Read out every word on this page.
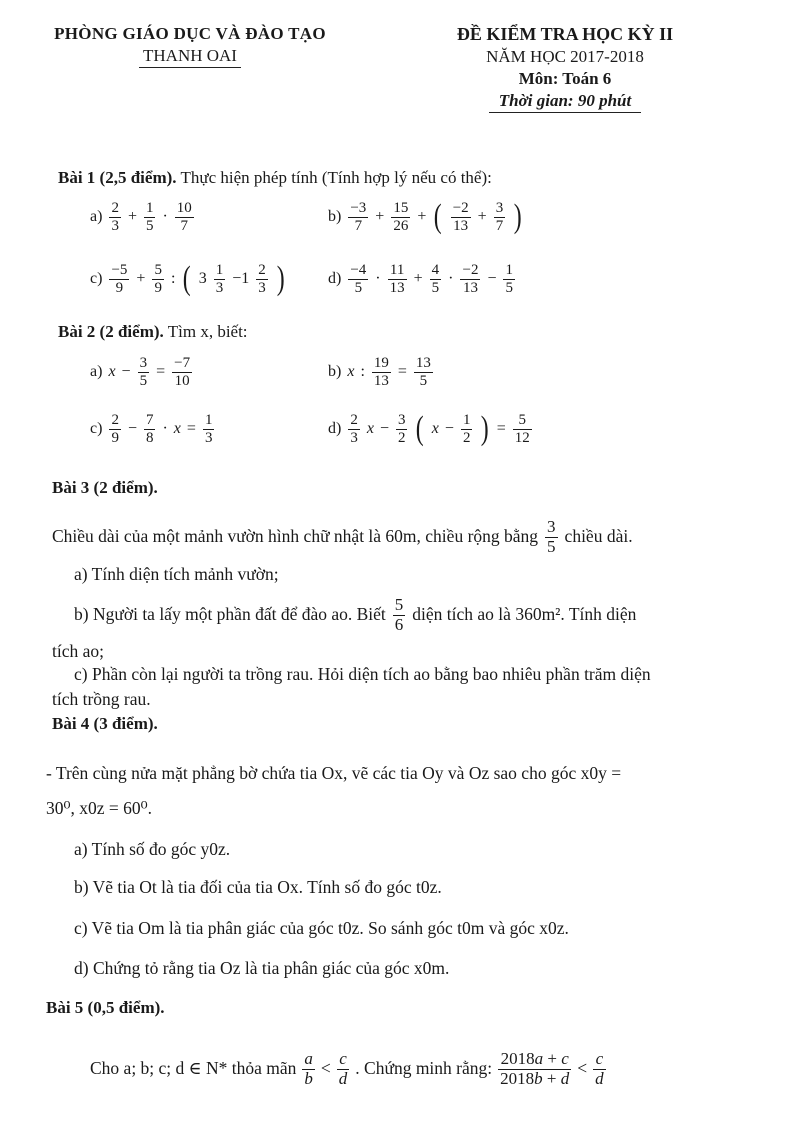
PHÒNG GIÁO DỤC VÀ ĐÀO TẠO
THANH OAI
ĐỀ KIỂM TRA HỌC KỲ II
NĂM HỌC 2017-2018
Môn: Toán 6
Thời gian: 90 phút
Bài 1 (2,5 điểm). Thực hiện phép tính (Tính hợp lý nếu có thể):
$a) \frac{2}{3} + \frac{1}{5} \cdot \frac{10}{7}$	$b) \frac{-3}{7} + \frac{15}{26}$ + ( $\frac{-2}{13} + \frac{3}{7}$ )
$c) \frac{-5}{9} + \frac{5}{9}$ : ( $3 \frac{1}{3} -1 \frac{2}{3}$ )	$d) \frac{-4}{5} \cdot \frac{11}{13} + \frac{4}{5} \cdot \frac{-2}{13} - \frac{1}{5}$
Bài 2 (2 điểm). Tìm x, biết:
a) $x - \frac{3}{5} = \frac{-7}{10}$	b) x : $\frac{19}{13} = \frac{13}{5}$
$c) \frac{2}{9} - \frac{7}{8} \cdot x = \frac{1}{3}$	$d) \frac{2}{3}$ $x - \frac{3}{2}$ ( $x - \frac{1}{2}$ ) = $\frac{5}{12}$
Bài 3 (2 điểm).
Chiều dài của một mảnh vườn hình chữ nhật là 60m, chiều rộng bằng $\frac{3}{5}$ chiều dài.
a) Tính diện tích mảnh vườn;
b) Người ta lấy một phần đất để đào ao. Biết $\frac{5}{6}$ diện tích ao là 360m². Tính diện
tích ao;
c) Phần còn lại người ta trồng rau. Hỏi diện tích ao bằng bao nhiêu phần trăm diện
tích trồng rau.
Bài 4 (3 điểm).
- Trên cùng nửa mặt phẳng bờ chứa tia Ox, vẽ các tia Oy và Oz sao cho góc x0y =
30⁰, x0z = 60⁰.
a) Tính số đo góc y0z.
b) Vẽ tia Ot là tia đối của tia Ox. Tính số đo góc t0z.
c) Vẽ tia Om là tia phân giác của góc t0z. So sánh góc t0m và góc x0z.
d) Chứng tỏ rằng tia Oz là tia phân giác của góc x0m.
Bài 5 (0,5 điểm).
Cho a; b; c; d ∈ N* thỏa mãn $\frac{a}{b} < \frac{c}{d}$ . Chứng minh rằng: $\frac{2018a + c}{2018b + d} < \frac{c}{d}$
